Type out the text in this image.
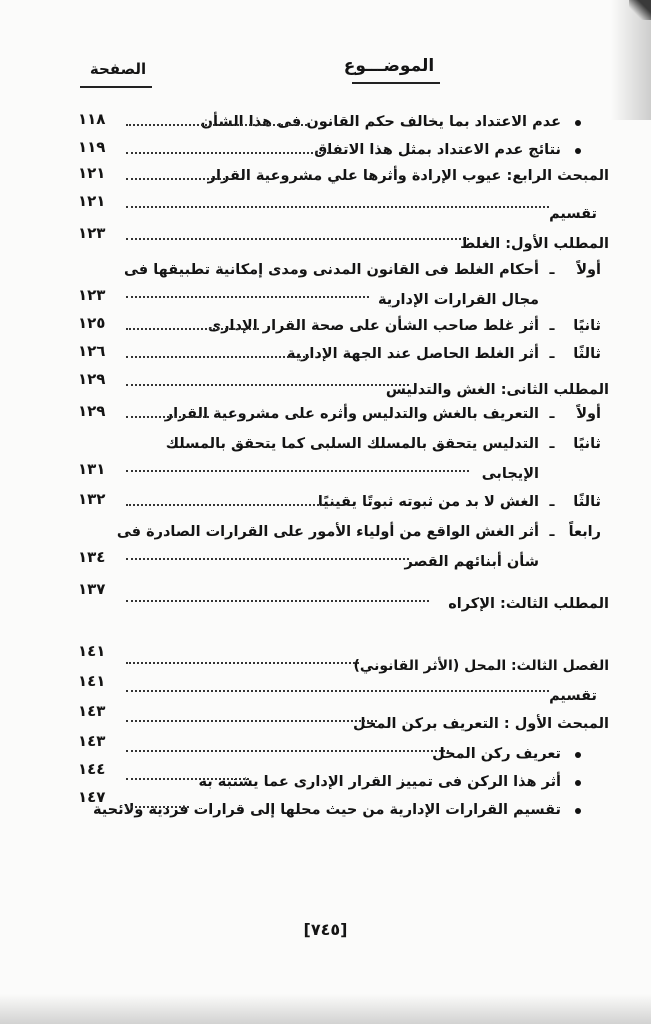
الموضـــوع
الصفحة
عدم الاعتداد بما يخالف حكم القانون فى هذا الشأن
١١٨
نتائج عدم الاعتداد بمثل هذا الاتفاق
١١٩
المبحث الرابع:

عيوب الإرادة وأثرها علي مشروعية القرار
١٢١
تقسيم
١٢١
المطلب الأول:

الغلط
١٢٣
أولاً
ـ
أحكام الغلط فى القانون المدنى ومدى إمكانية تطبيقها فى
مجال القرارات الإدارية
١٢٣
ثانيًا
ـ
أثر غلط صاحب الشأن على صحة القرار الإدارى
١٢٥
ثالثًا
ـ
أثر الغلط الحاصل عند الجهة الإدارية
١٢٦
المطلب الثانى:

الغش والتدليس
١٢٩
أولاً
ـ
التعريف بالغش والتدليس وأثره على مشروعية القرار
١٢٩
ثانيًا
ـ
التدليس يتحقق بالمسلك السلبى كما يتحقق بالمسلك
الإيجابى
١٣١
ثالثًا
ـ
الغش لا بد من ثبوته ثبوتًا يقينيًا
١٣٢
رابعاً
ـ
أثر الغش الواقع من أولياء الأمور على القرارات الصادرة فى
شأن أبنائهم القصر
١٣٤
المطلب الثالث:

الإكراه
١٣٧
الفصل الثالث: المحل (الأثر القانوني)
١٤١
تقسيم
١٤١
المبحث الأول :

التعريف بركن المحل
١٤٣
تعريف ركن المحل
١٤٣
أثر هذا الركن فى تمييز القرار الإدارى عما يشتبه به
١٤٤
تقسيم القرارات الإدارية من حيث محلها إلى قرارات فردية ولائحية
١٤٧
[٧٤٥]
